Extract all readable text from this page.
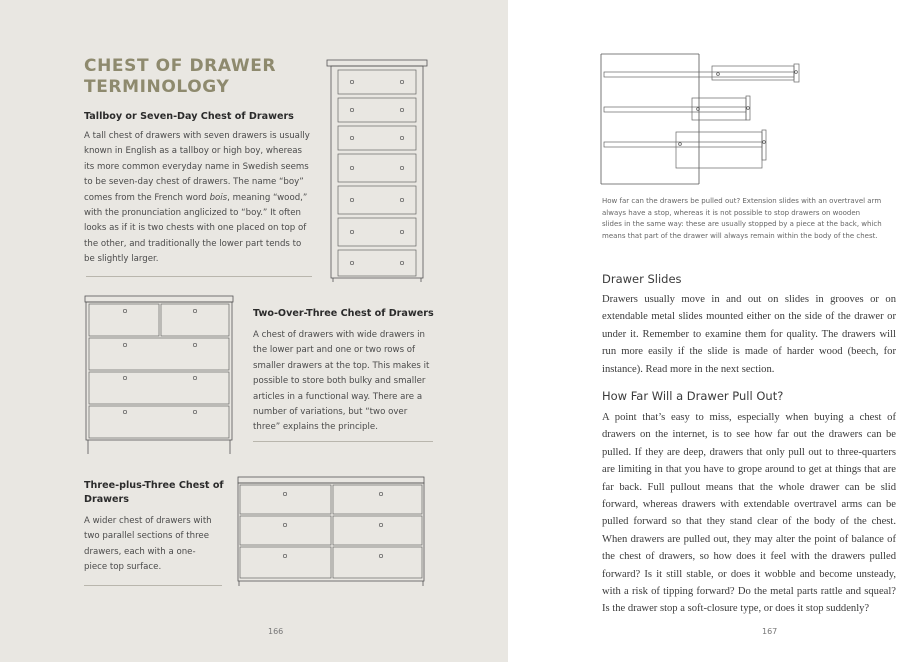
CHEST OF DRAWER TERMINOLOGY
Tallboy or Seven-Day Chest of Drawers
A tall chest of drawers with seven drawers is usually known in English as a tallboy or high boy, whereas its more common everyday name in Swedish seems to be seven-day chest of drawers. The name “boy” comes from the French word bois, meaning “wood,” with the pronunciation anglicized to “boy.” It often looks as if it is two chests with one placed on top of the other, and traditionally the lower part tends to be slightly larger.
Two-Over-Three Chest of Drawers
A chest of drawers with wide drawers in the lower part and one or two rows of smaller drawers at the top. This makes it possible to store both bulky and smaller articles in a functional way. There are a number of variations, but “two over three” explains the principle.
Three-plus-Three Chest of Drawers
A wider chest of drawers with two parallel sections of three drawers, each with a one-piece top surface.
166
How far can the drawers be pulled out? Extension slides with an overtravel arm always have a stop, whereas it is not possible to stop drawers on wooden slides in the same way: these are usually stopped by a piece at the back, which means that part of the drawer will always remain within the body of the chest.
Drawer Slides
Drawers usually move in and out on slides in grooves or on extendable metal slides mounted either on the side of the drawer or under it. Remember to examine them for quality. The drawers will run more easily if the slide is made of harder wood (beech, for instance). Read more in the next section.
How Far Will a Drawer Pull Out?
A point that’s easy to miss, especially when buying a chest of drawers on the internet, is to see how far out the drawers can be pulled. If they are deep, drawers that only pull out to three-quarters are limiting in that you have to grope around to get at things that are far back. Full pullout means that the whole drawer can be slid forward, whereas drawers with extendable overtravel arms can be pulled forward so that they stand clear of the body of the chest. When drawers are pulled out, they may alter the point of balance of the chest of drawers, so how does it feel with the drawers pulled forward? Is it still stable, or does it wobble and become unsteady, with a risk of tipping forward? Do the metal parts rattle and squeal? Is the drawer stop a soft-closure type, or does it stop suddenly?
167
